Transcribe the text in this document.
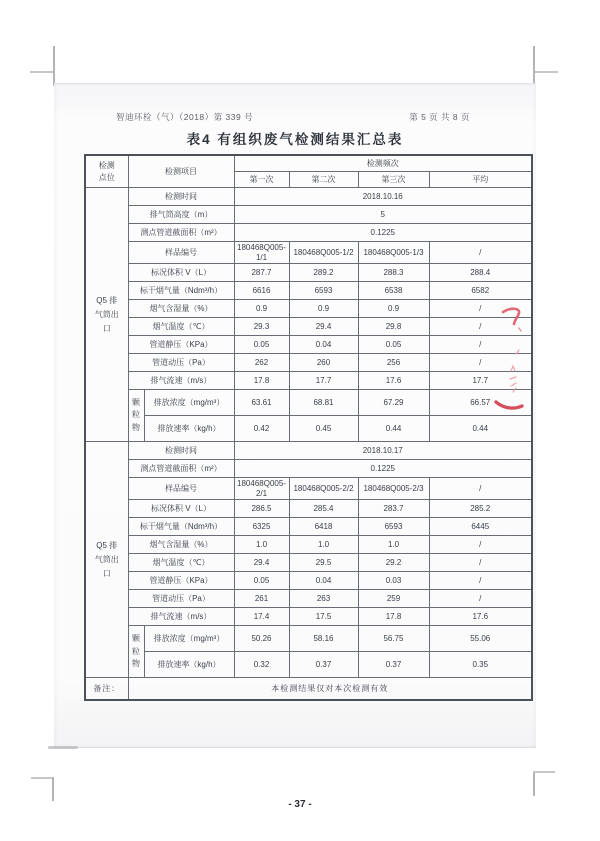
智迪环检（气）（2018）第 339 号	第 5 页 共 8 页
表4 有组织废气检测结果汇总表
检测点位	检测项目		检测频次			
			第一次	第二次	第三次	平均
Q5 排气筒出口	检测时间		2018.10.16			
	排气筒高度（m）		5			
	测点管道截面积（m²）		0.1225			
	样品编号		180468Q005-1/1	180468Q005-1/2	180468Q005-1/3	/
	标况体积 V（L）		287.7	289.2	288.3	288.4
	标干烟气量（Ndm³/h）		6616	6593	6538	6582
	烟气含湿量（%）		0.9	0.9	0.9	/
	烟气温度（℃）		29.3	29.4	29.8	/
	管道静压（KPa）		0.05	0.04	0.05	/
	管道动压（Pa）		262	260	256	/
	排气流速（m/s）		17.8	17.7	17.6	17.7
	颗粒物	排放浓度（mg/m³）	63.61	68.81	67.29	66.57
		排放速率（kg/h）	0.42	0.45	0.44	0.44
Q5 排气筒出口	检测时间		2018.10.17			
	测点管道截面积（m²）		0.1225			
	样品编号		180468Q005-2/1	180468Q005-2/2	180468Q005-2/3	/
	标况体积 V（L）		286.5	285.4	283.7	285.2
	标干烟气量（Ndm³/h）		6325	6418	6593	6445
	烟气含湿量（%）		1.0	1.0	1.0	/
	烟气温度（℃）		29.4	29.5	29.2	/
	管道静压（KPa）		0.05	0.04	0.03	/
	管道动压（Pa）		261	263	259	/
	排气流速（m/s）		17.4	17.5	17.8	17.6
	颗粒物	排放浓度（mg/m³）	50.26	58.16	56.75	55.06
		排放速率（kg/h）	0.32	0.37	0.37	0.35
备注：	本检测结果仅对本次检测有效					
- 37 -
